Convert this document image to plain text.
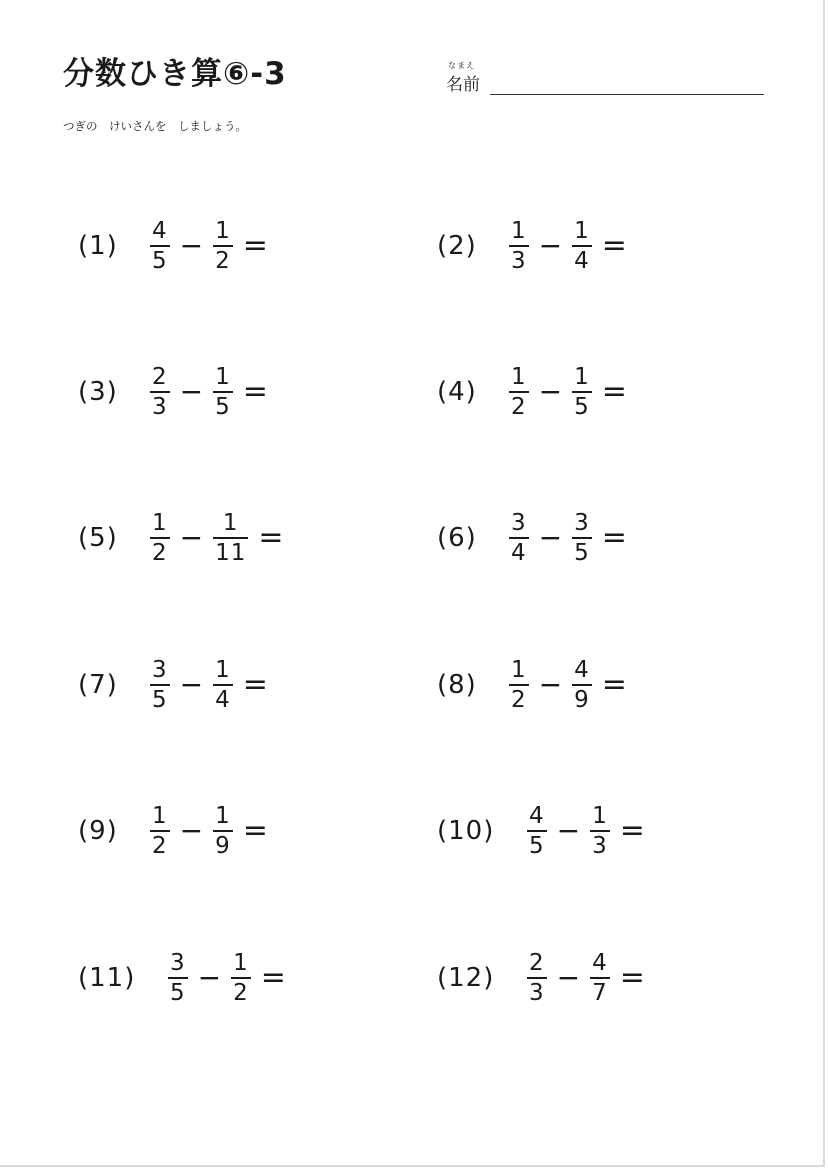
分数ひき算⑥-3	なまえ
名前
つぎの　けいさんを　しましょう。
(1)	$\frac{4}{5} - \frac{1}{2}$ =
(3)	$\frac{2}{3} - \frac{1}{5}$ =
(5)	$\frac{1}{2} - \frac{1}{11}$ =
(7)	$\frac{3}{5} - \frac{1}{4}$ =
(9)	$\frac{1}{2} - \frac{1}{9}$ =
(11)	$\frac{3}{5} - \frac{1}{2}$ =
(2)	$\frac{1}{3} - \frac{1}{4}$ =
(4)	$\frac{1}{2} - \frac{1}{5}$ =
(6)	$\frac{3}{4} - \frac{3}{5}$ =
(8)	$\frac{1}{2} - \frac{4}{9}$ =
(10)	$\frac{4}{5} - \frac{1}{3}$ =
(12)	$\frac{2}{3} - \frac{4}{7}$ =
